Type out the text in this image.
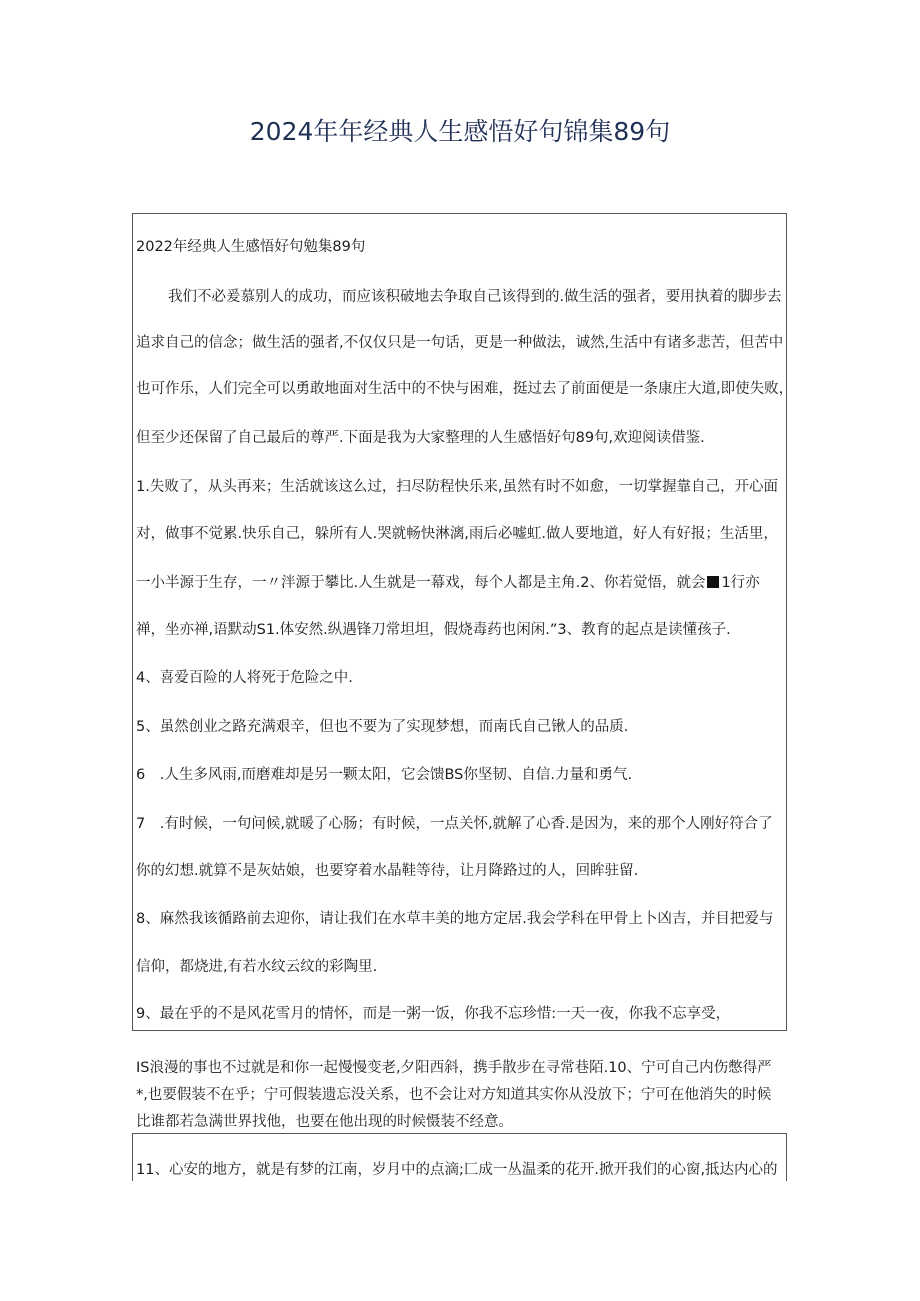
2024年年经典人生感悟好句锦集89句
2022年经典人生感悟好句勉集89句
我们不必爰慕别人的成功，而应该积破地去争取自己该得到的.做生活的强者，要用执着的脚步去
追求自己的信念；做生活的强者,不仅仅只是一句话，更是一种做法，诚然,生活中有诸多悲苦，但苦中
也可作乐，人们完全可以勇敢地面对生活中的不快与困难，挺过去了前面便是一条康庄大道,即使失败，
但至少还保留了自己最后的尊严.下面是我为大家整理的人生感悟好句89句,欢迎阅读借鉴.
1.失败了，从头再来；生活就该这么过，扫尽防程快乐来,虽然有时不如愈，一切掌握靠自己，开心面
对，做事不觉累.快乐自己，躲所有人.哭就畅快淋漓,雨后必嘘虹.做人要地道，好人有好报；生活里，
一小半源于生存，一〃泮源于攀比.人生就是一幕戏，每个人都是主角.2、你若觉悟，就会 1行亦
禅，坐亦禅,语默动S1.体安然.纵遇锋刀常坦坦，假烧毒药也闲闲.”3、教育的起点是读懂孩子.
4、喜爱百险的人将死于危险之中.
5、虽然创业之路充满艰辛，但也不要为了实现梦想，而南氏自己锹人的品质.
6　.人生多风雨,而磨难却是另一颗太阳，它会馈BS你坚韧、自信.力量和勇气.
7　.有时候，一句问候,就暖了心肠；有时候，一点关怀,就解了心香.是因为，来的那个人刚好符合了
你的幻想.就算不是灰姑娘，也要穿着水晶鞋等待，让月降路过的人，回眸驻留.
8、麻然我该循路前去迎你，请让我们在水草丰美的地方定居.我会学科在甲骨上卜凶吉，并目把爱与
信仰，都烧进,有若水纹云纹的彩陶里.
9、最在乎的不是风花雪月的情怀，而是一粥一饭，你我不忘珍惜:一天一夜，你我不忘享受，
IS浪漫的事也不过就是和你一起慢慢变老,夕阳西斜，携手散步在寻常巷陌.10、宁可自己内伤憋得严
*,也要假装不在乎；宁可假装遗忘没关系，也不会让对方知道其实你从没放下；宁可在他消失的时候
比谁都若急满世界找他，也要在他出现的时候慑装不经意。
11、心安的地方，就是有梦的江南，岁月中的点滴;匚成一丛温柔的花开.掀开我们的心窗,抵达内心的
